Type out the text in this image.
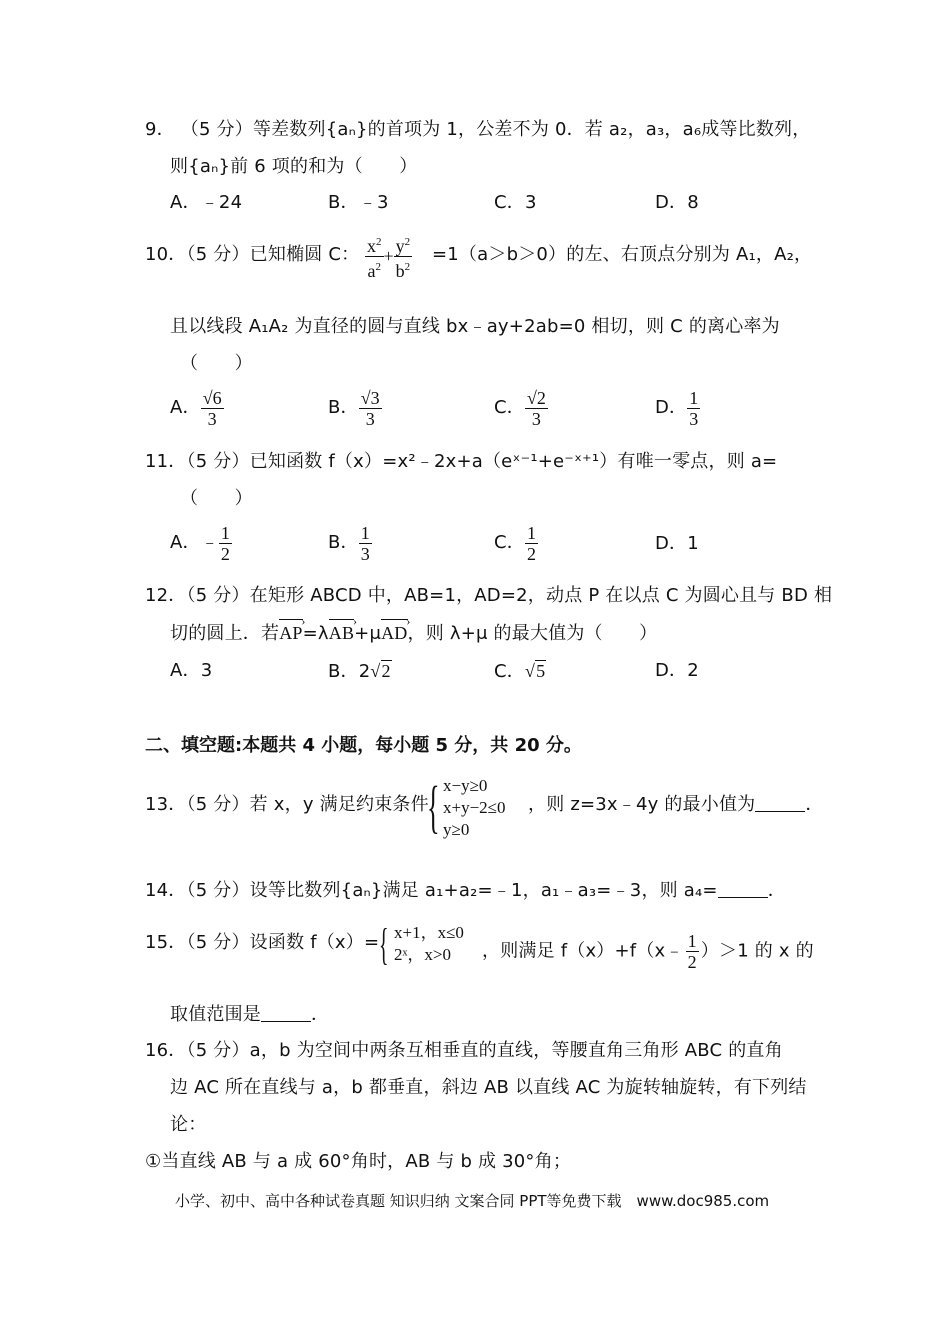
9． （5 分）等差数列{aₙ}的首项为 1，公差不为 0．若 a₂，a₃，a₆成等比数列，
则{aₙ}前 6 项的和为（　　）
A．﹣24	B．﹣3	C．3	D．8
10．（5 分）已知椭圆 C： $\frac{x^2}{a^2} + \frac{y^2}{b^2} =1(a>b>0)$的左、右顶点分别为 A₁，A₂，
且以线段 A₁A₂ 为直径的圆与直线 bx﹣ay+2ab=0 相切，则 C 的离心率为
（　　）
A． $\frac{√6}{3}$	B． $\frac{√3}{3}$	C． $\frac{√2}{3}$	D． $\frac{1}{3}$
11．（5 分）已知函数 f（x）=x²﹣2x+a（eˣ⁻¹+e⁻ˣ⁺¹）有唯一零点，则 a=
（　　）
A．﹣ $\frac{1}{2}$	B． $\frac{1}{3}$	C． $\frac{1}{2}$	D．1
12．（5 分）在矩形 ABCD 中，AB=1，AD=2，动点 P 在以点 C 为圆心且与 BD 相
切的圆上．若AP ›=λAB ›+μAD ›，则 λ+μ 的最大值为（　　）
A．3	B．2√2	C．√5	D．2
二、填空题:本题共 4 小题，每小题 5 分，共 20 分。
13．（5 分）若 x，y 满足约束条件
{ x−y≥0
x+y−2≤0
y≥0
，则 z=3x﹣4y 的最小值为	．
14．（5 分）设等比数列{aₙ}满足 a₁+a₂=﹣1，a₁﹣a₃=﹣3，则 a₄=	．
15．（5 分）设函数 f（x）= { x+1，x≤0
2ˣ，x>0	，则满足 f（x）+f（x﹣ $\frac{1}{2} )>1$ 的 x 的
取值范围是	．
16．（5 分）a，b 为空间中两条互相垂直的直线，等腰直角三角形 ABC 的直角
边 AC 所在直线与 a，b 都垂直，斜边 AB 以直线 AC 为旋转轴旋转，有下列结
论：
①当直线 AB 与 a 成 60°角时，AB 与 b 成 30°角；
小学、初中、高中各种试卷真题 知识归纳 文案合同 PPT等免费下载　www.doc985.com
